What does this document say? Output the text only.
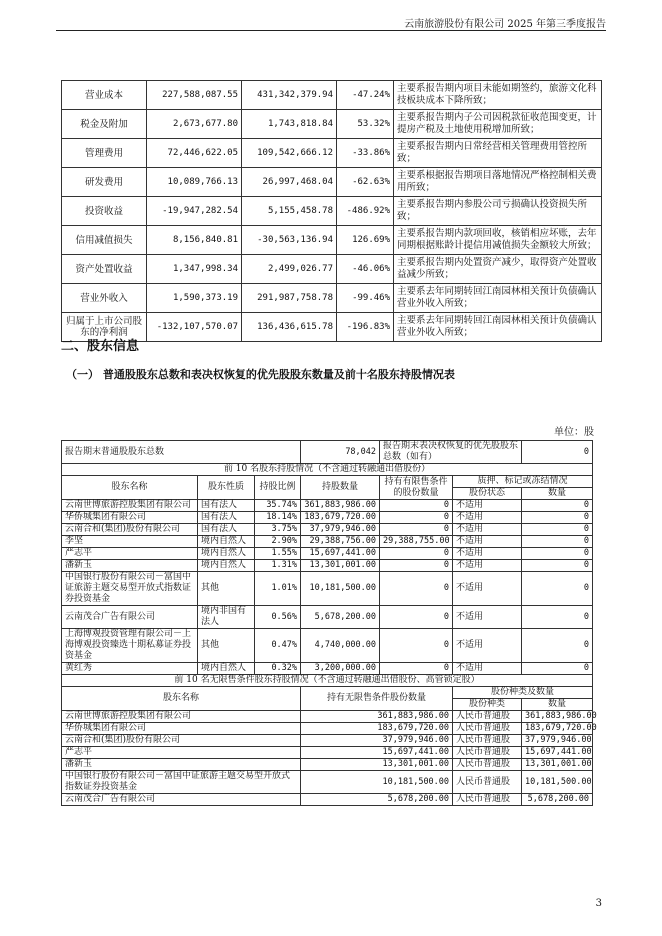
云南旅游股份有限公司 2025 年第三季度报告
营业成本	227,588,087.55	431,342,379.94	-47.24%	主要系报告期内项目未能如期签约，旅游文化科技板块成本下降所致；
税金及附加	2,673,677.80	1,743,818.84	53.32%	主要系报告期内子公司因税款征收范围变更，计提房产税及土地使用税增加所致；
管理费用	72,446,622.05	109,542,666.12	-33.86%	主要系报告期内日常经营相关管理费用管控所致；
研发费用	10,089,766.13	26,997,468.04	-62.63%	主要系根据报告期项目落地情况严格控制相关费用所致；
投资收益	-19,947,282.54	5,155,458.78	-486.92%	主要系报告期内参股公司亏损确认投资损失所致；
信用减值损失	8,156,840.81	-30,563,136.94	126.69%	主要系报告期内款项回收，核销相应坏账，去年同期根据账龄计提信用减值损失金额较大所致；
资产处置收益	1,347,998.34	2,499,026.77	-46.06%	主要系报告期内处置资产减少，取得资产处置收益减少所致；
营业外收入	1,590,373.19	291,987,758.78	-99.46%	主要系去年同期转回江南园林相关预计负债确认营业外收入所致；
归属于上市公司股东的净利润	-132,107,570.07	136,436,615.78	-196.83%	主要系去年同期转回江南园林相关预计负债确认营业外收入所致；
二、股东信息
（一） 普通股股东总数和表决权恢复的优先股股东数量及前十名股东持股情况表
单位：股
报告期末普通股股东总数			78,042	报告期末表决权恢复的优先股股东总数（如有）		0
前 10 名股东持股情况（不含通过转融通出借股份）						
股东名称	股东性质	持股比例	持股数量	持有有限售条件的股份数量	质押、标记或冻结情况	
					股份状态	数量
云南世博旅游控股集团有限公司	国有法人	35.74%	361,883,986.00	0	不适用	0
华侨城集团有限公司	国有法人	18.14%	183,679,720.00	0	不适用	0
云南合和(集团)股份有限公司	国有法人	3.75%	37,979,946.00	0	不适用	0
李坚	境内自然人	2.90%	29,388,756.00	29,388,755.00	不适用	0
严志平	境内自然人	1.55%	15,697,441.00	0	不适用	0
潘新玉	境内自然人	1.31%	13,301,001.00	0	不适用	0
中国银行股份有限公司－富国中证旅游主题交易型开放式指数证券投资基金	其他	1.01%	10,181,500.00	0	不适用	0
云南茂合广告有限公司	境内非国有法人	0.56%	5,678,200.00	0	不适用	0
上海博观投资管理有限公司－上海博观投资臻选十期私募证券投资基金	其他	0.47%	4,740,000.00	0	不适用	0
黄红秀	境内自然人	0.32%	3,200,000.00	0	不适用	0
前 10 名无限售条件股东持股情况（不含通过转融通出借股份、高管锁定股）						
股东名称			持有无限售条件股份数量		股份种类及数量	
					股份种类	数量
云南世博旅游控股集团有限公司			361,883,986.00		人民币普通股	361,883,986.00
华侨城集团有限公司			183,679,720.00		人民币普通股	183,679,720.00
云南合和(集团)股份有限公司			37,979,946.00		人民币普通股	37,979,946.00
严志平			15,697,441.00		人民币普通股	15,697,441.00
潘新玉			13,301,001.00		人民币普通股	13,301,001.00
中国银行股份有限公司－富国中证旅游主题交易型开放式指数证券投资基金			10,181,500.00		人民币普通股	10,181,500.00
云南茂合广告有限公司			5,678,200.00		人民币普通股	5,678,200.00
3
